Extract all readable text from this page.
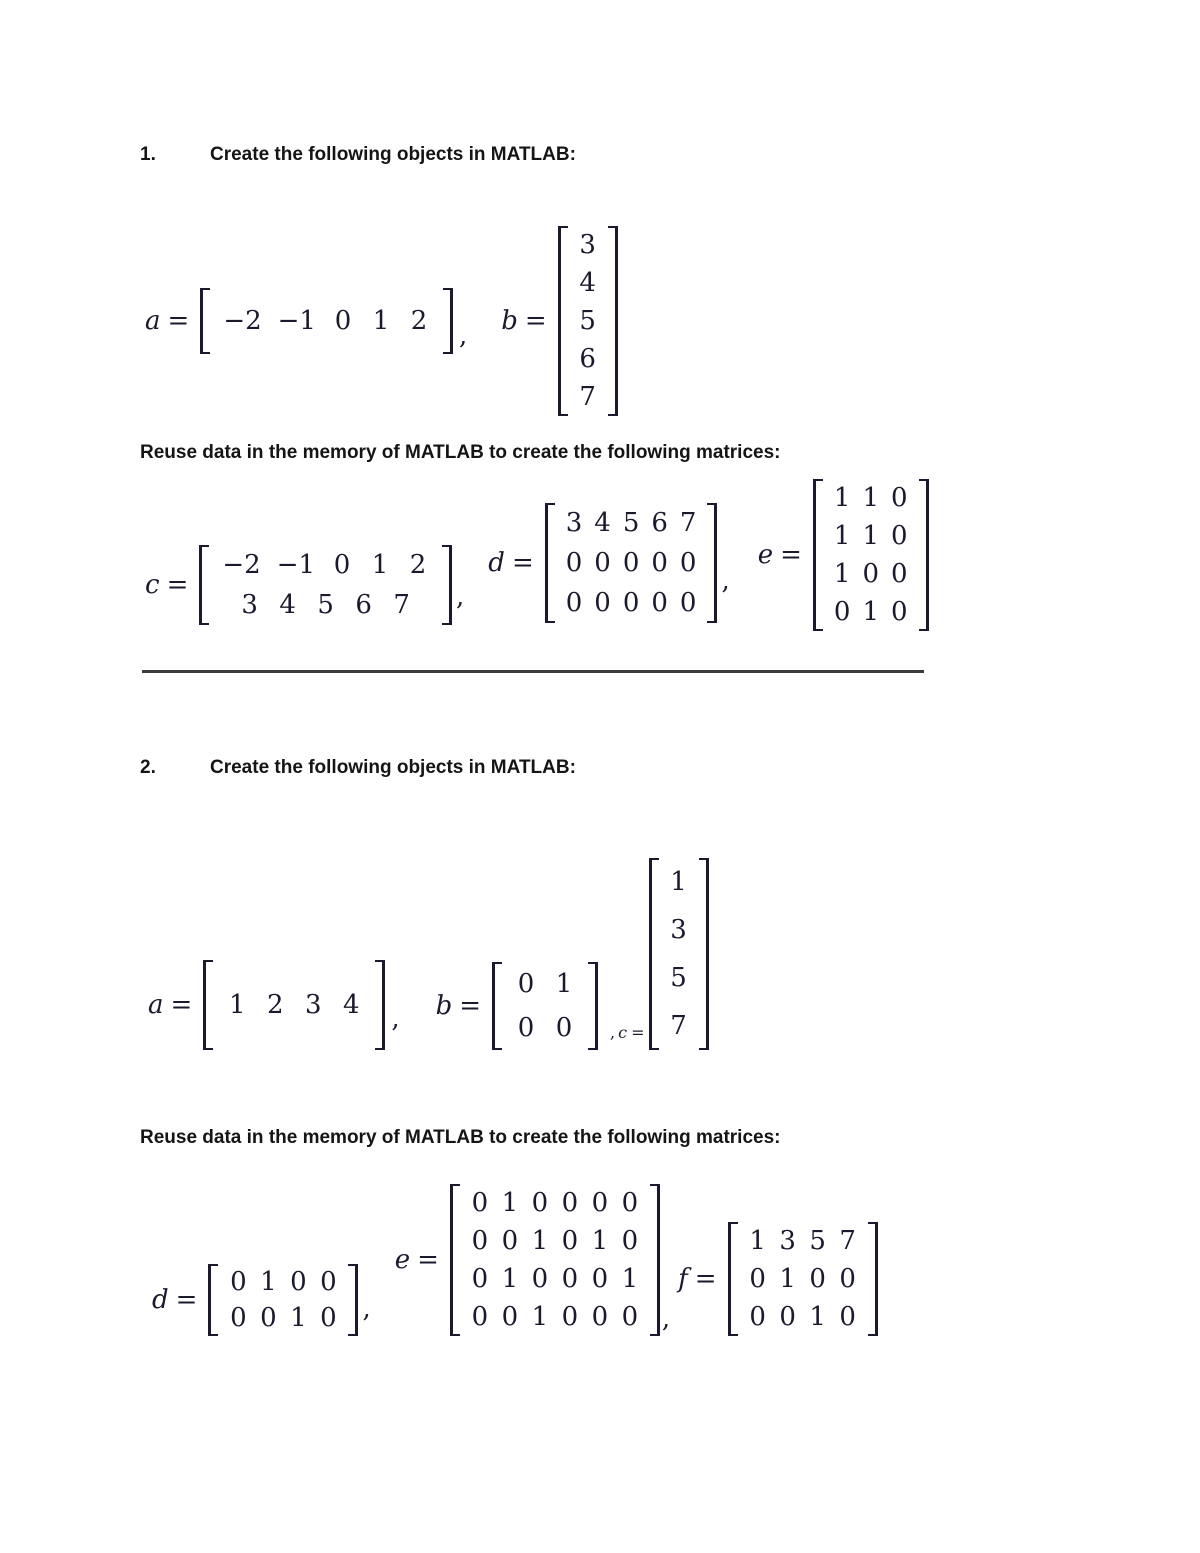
1.	Create the following objects in MATLAB:
a =	−2 −1 0 1 2	, b =
3
4
5
6
7
Reuse data in the memory of MATLAB to create the following matrices:
c =
−2 −1 0 1 2
3 4 5 6 7	,
d =
3 4 5 6 7
0 0 0 0 0
0 0 0 0 0
,
e =
1 1 0
1 1 0
1 0 0
0 1 0
2.	Create the following objects in MATLAB:
a =	1 2 3 4	, b =
0 1
0 0	, c =
1
3
5
7
Reuse data in the memory of MATLAB to create the following matrices:
d =
0 1 0 0
0 0 1 0 ,
e =
0 1 0 0 0 0
0 0 1 0 1 0
0 1 0 0 0 1
0 0 1 0 0 0 ,
f =
1 3 5 7
0 1 0 0
0 0 1 0
